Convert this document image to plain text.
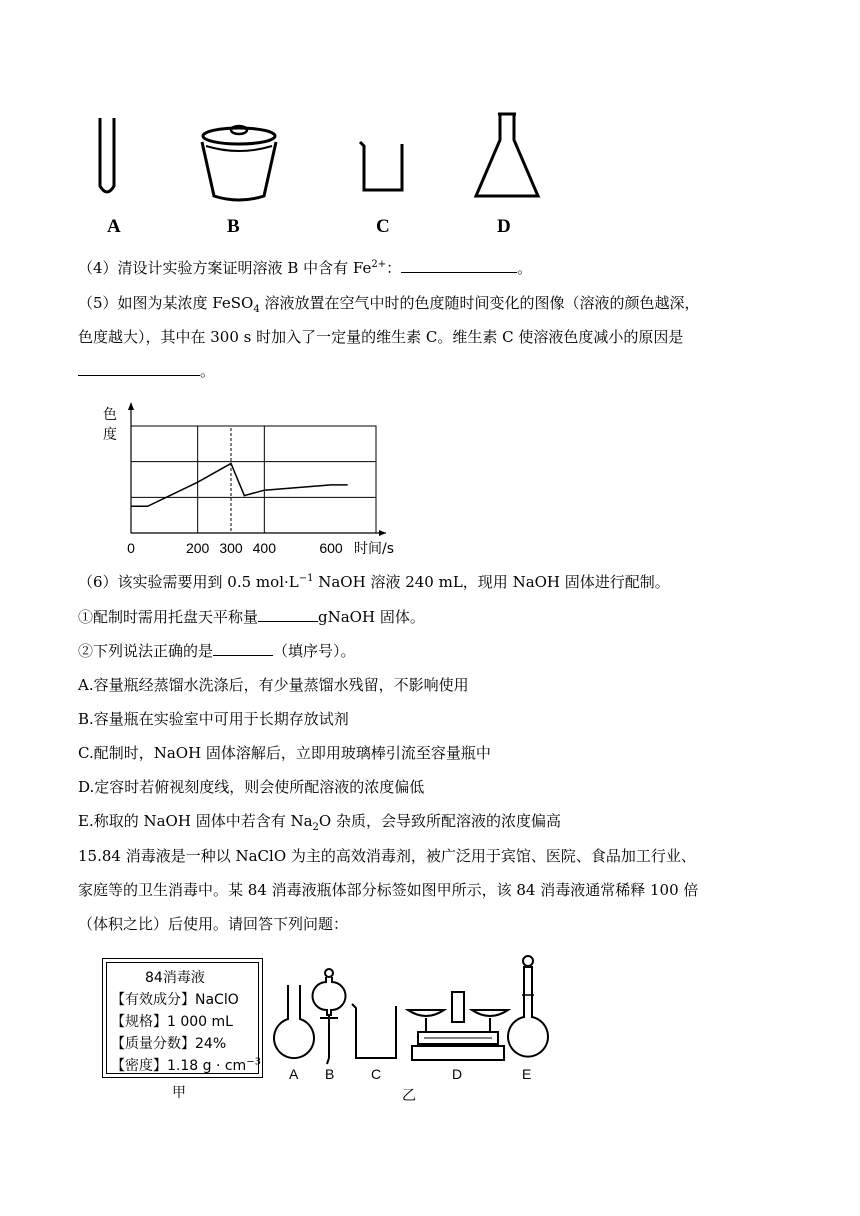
A	B	C	D
（4）清设计实验方案证明溶液 B 中含有 $Fe^{2+}$：	。
（5）如图为某浓度 FeSO$_4$ 溶液放置在空气中时的色度随时间变化的图像（溶液的颜色越深，
色度越大），其中在 300 s 时加入了一定量的维生素 C。维生素 C 使溶液色度减小的原因是
。
0	200 300 400	600 时间/s
色度
（6）该实验需要用到 0.5 $mol\cdot L^{-1}$ NaOH 溶液 240 mL，现用 NaOH 固体进行配制。
①配制时需用托盘天平称量	gNaOH 固体。
②下列说法正确的是	（填序号）。
A.容量瓶经蒸馏水洗涤后，有少量蒸馏水残留，不影响使用
B.容量瓶在实验室中可用于长期存放试剂
C.配制时，NaOH 固体溶解后，立即用玻璃棒引流至容量瓶中
D.定容时若俯视刻度线，则会使所配溶液的浓度偏低
E.称取的 NaOH 固体中若含有 $Na_2O$ 杂质，会导致所配溶液的浓度偏高
15.84 消毒液是一种以 NaClO 为主的高效消毒剂，被广泛用于宾馆、医院、食品加工行业、
家庭等的卫生消毒中。某 84 消毒液瓶体部分标签如图甲所示，该 84 消毒液通常稀释 100 倍
（体积之比）后使用。请回答下列问题：
84消毒液
【有效成分】NaClO
【规格】1 000 mL
【质量分数】24%
【密度】1.18 $g \cdot cm^{-3}$
甲
A B	C	D	E
乙
